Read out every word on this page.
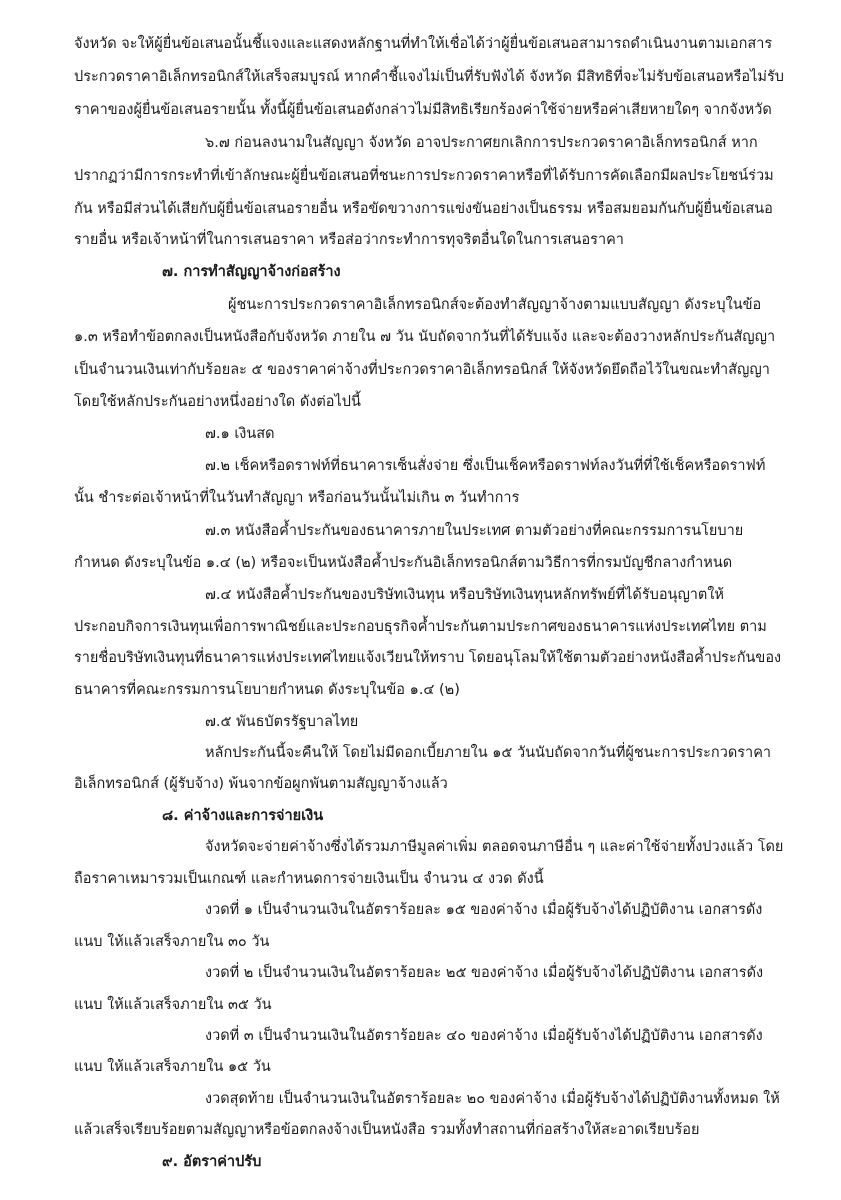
จังหวัด จะให้ผู้ยื่นข้อเสนอนั้นชี้แจงและแสดงหลักฐานที่ทำให้เชื่อได้ว่าผู้ยื่นข้อเสนอสามารถดำเนินงานตามเอกสาร

ประกวดราคาอิเล็กทรอนิกส์ให้เสร็จสมบูรณ์ หากคำชี้แจงไม่เป็นที่รับฟังได้ จังหวัด มีสิทธิที่จะไม่รับข้อเสนอหรือไม่รับ

ราคาของผู้ยื่นข้อเสนอรายนั้น ทั้งนี้ผู้ยื่นข้อเสนอดังกล่าวไม่มีสิทธิเรียกร้องค่าใช้จ่ายหรือค่าเสียหายใดๆ จากจังหวัด

๖.๗ ก่อนลงนามในสัญญา จังหวัด อาจประกาศยกเลิกการประกวดราคาอิเล็กทรอนิกส์ หาก

ปรากฏว่ามีการกระทำที่เข้าลักษณะผู้ยื่นข้อเสนอที่ชนะการประกวดราคาหรือที่ได้รับการคัดเลือกมีผลประโยชน์ร่วม

กัน หรือมีส่วนได้เสียกับผู้ยื่นข้อเสนอรายอื่น หรือขัดขวางการแข่งขันอย่างเป็นธรรม หรือสมยอมกันกับผู้ยื่นข้อเสนอ

รายอื่น หรือเจ้าหน้าที่ในการเสนอราคา หรือส่อว่ากระทำการทุจริตอื่นใดในการเสนอราคา

๗. การทำสัญญาจ้างก่อสร้าง

ผู้ชนะการประกวดราคาอิเล็กทรอนิกส์จะต้องทำสัญญาจ้างตามแบบสัญญา ดังระบุในข้อ

๑.๓ หรือทำข้อตกลงเป็นหนังสือกับจังหวัด ภายใน ๗ วัน นับถัดจากวันที่ได้รับแจ้ง และจะต้องวางหลักประกันสัญญา

เป็นจำนวนเงินเท่ากับร้อยละ ๕ ของราคาค่าจ้างที่ประกวดราคาอิเล็กทรอนิกส์ ให้จังหวัดยึดถือไว้ในขณะทำสัญญา

โดยใช้หลักประกันอย่างหนึ่งอย่างใด ดังต่อไปนี้

๗.๑ เงินสด

๗.๒ เช็คหรือดราฟท์ที่ธนาคารเซ็นสั่งจ่าย ซึ่งเป็นเช็คหรือดราฟท์ลงวันที่ที่ใช้เช็คหรือดราฟท์

นั้น ชำระต่อเจ้าหน้าที่ในวันทำสัญญา หรือก่อนวันนั้นไม่เกิน ๓ วันทำการ

๗.๓ หนังสือค้ำประกันของธนาคารภายในประเทศ ตามตัวอย่างที่คณะกรรมการนโยบาย

กำหนด ดังระบุในข้อ ๑.๔ (๒) หรือจะเป็นหนังสือค้ำประกันอิเล็กทรอนิกส์ตามวิธีการที่กรมบัญชีกลางกำหนด

๗.๔ หนังสือค้ำประกันของบริษัทเงินทุน หรือบริษัทเงินทุนหลักทรัพย์ที่ได้รับอนุญาตให้

ประกอบกิจการเงินทุนเพื่อการพาณิชย์และประกอบธุรกิจค้ำประกันตามประกาศของธนาคารแห่งประเทศไทย ตาม

รายชื่อบริษัทเงินทุนที่ธนาคารแห่งประเทศไทยแจ้งเวียนให้ทราบ โดยอนุโลมให้ใช้ตามตัวอย่างหนังสือค้ำประกันของ

ธนาคารที่คณะกรรมการนโยบายกำหนด ดังระบุในข้อ ๑.๔ (๒)

๗.๕ พันธบัตรรัฐบาลไทย

หลักประกันนี้จะคืนให้ โดยไม่มีดอกเบี้ยภายใน ๑๕ วันนับถัดจากวันที่ผู้ชนะการประกวดราคา

อิเล็กทรอนิกส์ (ผู้รับจ้าง) พ้นจากข้อผูกพันตามสัญญาจ้างแล้ว

๘. ค่าจ้างและการจ่ายเงิน

จังหวัดจะจ่ายค่าจ้างซึ่งได้รวมภาษีมูลค่าเพิ่ม ตลอดจนภาษีอื่น ๆ และค่าใช้จ่ายทั้งปวงแล้ว โดย

ถือราคาเหมารวมเป็นเกณฑ์ และกำหนดการจ่ายเงินเป็น จำนวน ๔ งวด ดังนี้

งวดที่ ๑ เป็นจำนวนเงินในอัตราร้อยละ ๑๕ ของค่าจ้าง เมื่อผู้รับจ้างได้ปฏิบัติงาน เอกสารดัง

แนบ ให้แล้วเสร็จภายใน ๓๐ วัน

งวดที่ ๒ เป็นจำนวนเงินในอัตราร้อยละ ๒๕ ของค่าจ้าง เมื่อผู้รับจ้างได้ปฏิบัติงาน เอกสารดัง

แนบ ให้แล้วเสร็จภายใน ๓๕ วัน

งวดที่ ๓ เป็นจำนวนเงินในอัตราร้อยละ ๔๐ ของค่าจ้าง เมื่อผู้รับจ้างได้ปฏิบัติงาน เอกสารดัง

แนบ ให้แล้วเสร็จภายใน ๑๕ วัน

งวดสุดท้าย เป็นจำนวนเงินในอัตราร้อยละ ๒๐ ของค่าจ้าง เมื่อผู้รับจ้างได้ปฏิบัติงานทั้งหมด ให้

แล้วเสร็จเรียบร้อยตามสัญญาหรือข้อตกลงจ้างเป็นหนังสือ รวมทั้งทำสถานที่ก่อสร้างให้สะอาดเรียบร้อย

๙. อัตราค่าปรับ
